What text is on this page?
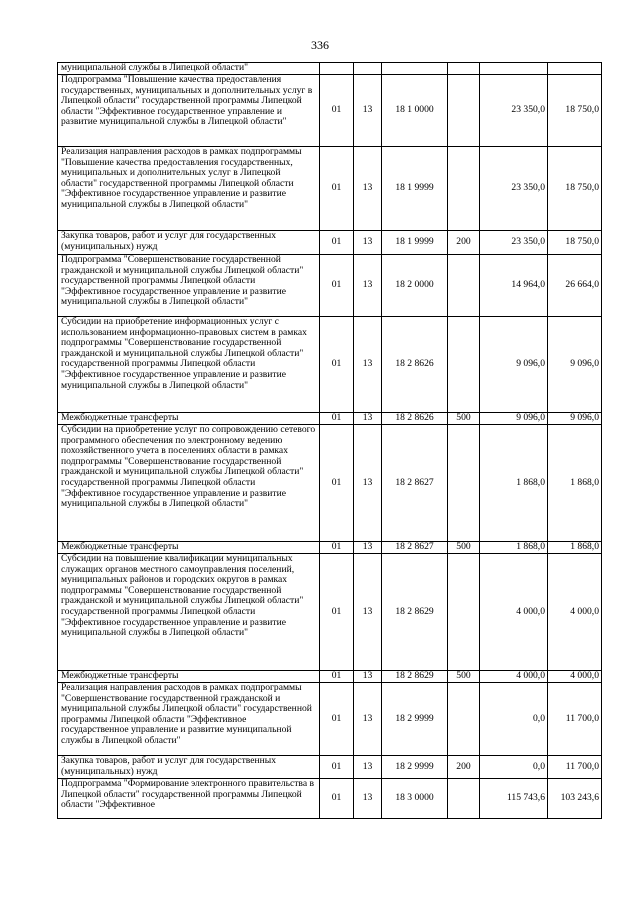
336
муниципальной службы в Липецкой области"						
Подпрограмма "Повышение качества предоставления государственных, муниципальных и дополнительных услуг в Липецкой области" государственной программы Липецкой области "Эффективное государственное управление и развитие муниципальной службы в Липецкой области"	01	13	18 1 0000		23 350,0	18 750,0
Реализация направления расходов в рамках подпрограммы "Повышение качества предоставления государственных, муниципальных и дополнительных услуг в Липецкой области" государственной программы Липецкой области "Эффективное государственное управление и развитие муниципальной службы в Липецкой области"	01	13	18 1 9999		23 350,0	18 750,0
Закупка товаров, работ и услуг для государственных (муниципальных) нужд	01	13	18 1 9999	200	23 350,0	18 750,0
Подпрограмма "Совершенствование государственной гражданской и муниципальной службы Липецкой области" государственной программы Липецкой области "Эффективное государственное управление и развитие муниципальной службы в Липецкой области"	01	13	18 2 0000		14 964,0	26 664,0
Субсидии на приобретение информационных услуг с использованием информационно-правовых систем в рамках подпрограммы "Совершенствование государственной гражданской и муниципальной службы Липецкой области" государственной программы Липецкой области "Эффективное государственное управление и развитие муниципальной службы в Липецкой области"	01	13	18 2 8626		9 096,0	9 096,0
Межбюджетные трансферты	01	13	18 2 8626	500	9 096,0	9 096,0
Субсидии на приобретение услуг по сопровождению сетевого программного обеспечения по электронному ведению похозяйственного учета в поселениях области в рамках подпрограммы "Совершенствование государственной гражданской и муниципальной службы Липецкой области" государственной программы Липецкой области "Эффективное государственное управление и развитие муниципальной службы в Липецкой области"	01	13	18 2 8627		1 868,0	1 868,0
Межбюджетные трансферты	01	13	18 2 8627	500	1 868,0	1 868,0
Субсидии на повышение квалификации муниципальных служащих органов местного самоуправления поселений, муниципальных районов и городских округов в рамках подпрограммы "Совершенствование государственной гражданской и муниципальной службы Липецкой области" государственной программы Липецкой области "Эффективное государственное управление и развитие муниципальной службы в Липецкой области"	01	13	18 2 8629		4 000,0	4 000,0
Межбюджетные трансферты	01	13	18 2 8629	500	4 000,0	4 000,0
Реализация направления расходов в рамках подпрограммы "Совершенствование государственной гражданской и муниципальной службы Липецкой области" государственной программы Липецкой области "Эффективное государственное управление и развитие муниципальной службы в Липецкой области"	01	13	18 2 9999		0,0	11 700,0
Закупка товаров, работ и услуг для государственных (муниципальных) нужд	01	13	18 2 9999	200	0,0	11 700,0
Подпрограмма "Формирование электронного правительства в Липецкой области" государственной программы Липецкой области "Эффективное	01	13	18 3 0000		115 743,6	103 243,6
